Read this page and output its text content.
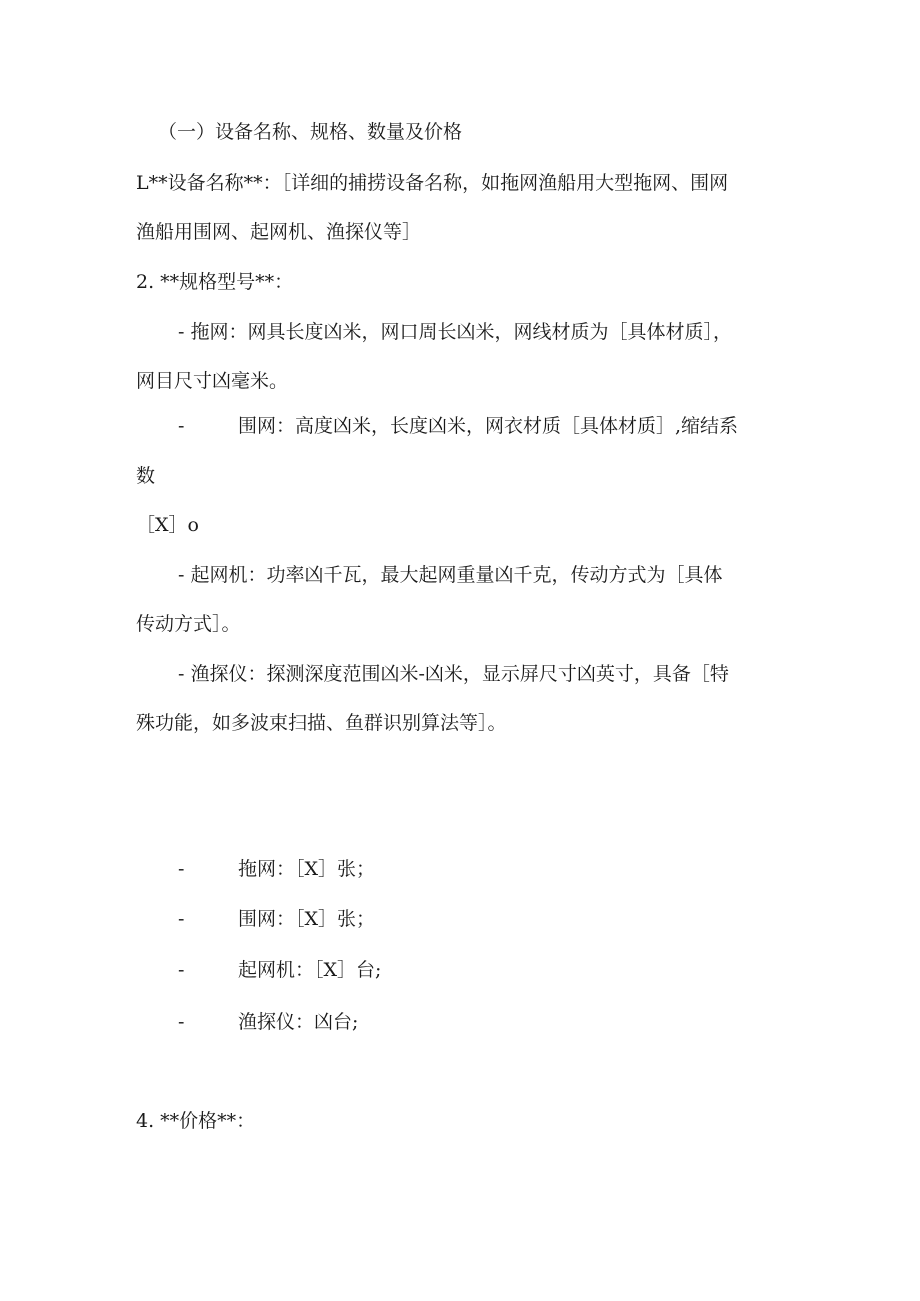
（一）设备名称、规格、数量及价格
L**设备名称**：［详细的捕捞设备名称，如拖网渔船用大型拖网、围网
渔船用围网、起网机、渔探仪等］
2. **规格型号**：
- 拖网：网具长度凶米，网口周长凶米，网线材质为［具体材质］，
网目尺寸凶毫米。
-	围网：高度凶米，长度凶米，网衣材质［具体材质］,缩结系
数
［X］o
- 起网机：功率凶千瓦，最大起网重量凶千克，传动方式为［具体
传动方式］。
- 渔探仪：探测深度范围凶米-凶米，显示屏尺寸凶英寸，具备［特
殊功能，如多波束扫描、鱼群识别算法等］。
-	拖网：［X］张；
-	围网：［X］张；
-	起网机：［X］台;
-	渔探仪：凶台;
4. **价格**：
